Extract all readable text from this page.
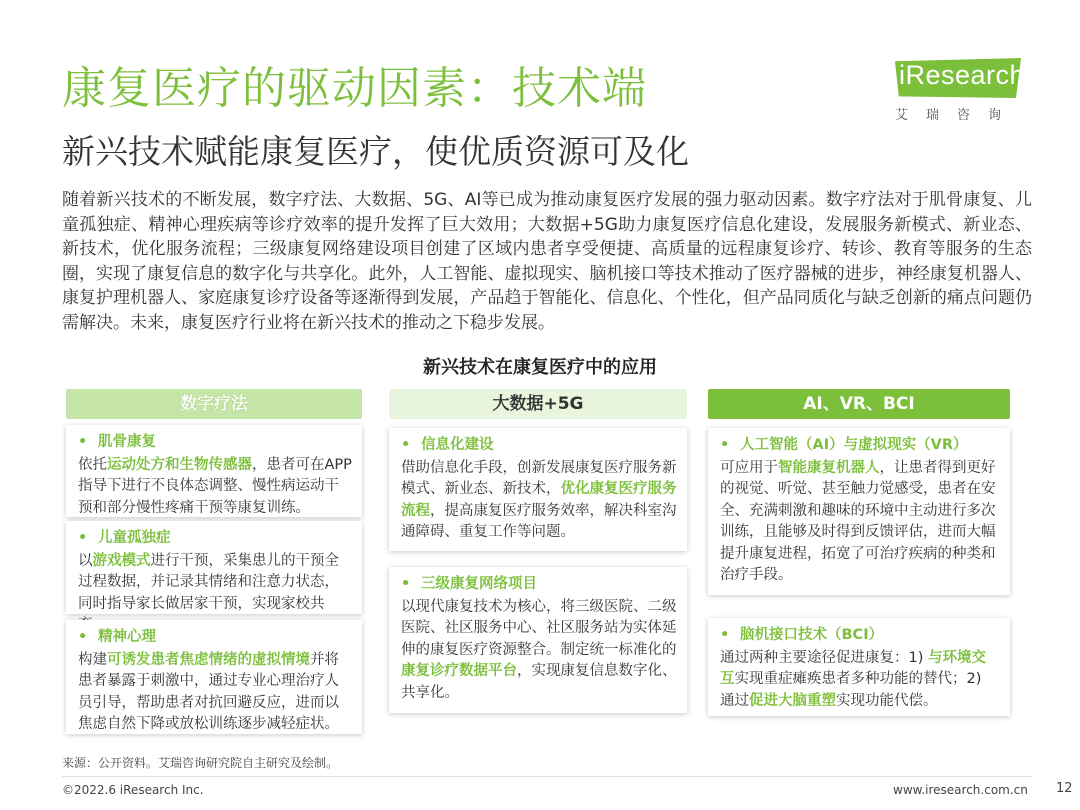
康复医疗的驱动因素：技术端
新兴技术赋能康复医疗，使优质资源可及化
iResearch
艾瑞咨询
随着新兴技术的不断发展，数字疗法、大数据、5G、AI等已成为推动康复医疗发展的强力驱动因素。数字疗法对于肌骨康复、儿童孤独症、精神心理疾病等诊疗效率的提升发挥了巨大效用；大数据+5G助力康复医疗信息化建设，发展服务新模式、新业态、新技术，优化服务流程；三级康复网络建设项目创建了区域内患者享受便捷、高质量的远程康复诊疗、转诊、教育等服务的生态圈，实现了康复信息的数字化与共享化。此外，人工智能、虚拟现实、脑机接口等技术推动了医疗器械的进步，神经康复机器人、康复护理机器人、家庭康复诊疗设备等逐渐得到发展，产品趋于智能化、信息化、个性化，但产品同质化与缺乏创新的痛点问题仍需解决。未来，康复医疗行业将在新兴技术的推动之下稳步发展。
新兴技术在康复医疗中的应用
数字疗法	大数据+5G	AI、VR、BCI
• 肌骨康复
依托运动处方和生物传感器，患者可在APP指导下进行不良体态调整、慢性病运动干预和部分慢性疼痛干预等康复训练。
• 儿童孤独症
以游戏模式进行干预，采集患儿的干预全过程数据，并记录其情绪和注意力状态，同时指导家长做居家干预，实现家校共
• 精神心理
构建可诱发患者焦虑情绪的虚拟情境并将患者暴露于刺激中，通过专业心理治疗人员引导，帮助患者对抗回避反应，进而以焦虑自然下降或放松训练逐步减轻症状。
• 信息化建设
借助信息化手段，创新发展康复医疗服务新模式、新业态、新技术，优化康复医疗服务流程，提高康复医疗服务效率，解决科室沟通障碍、重复工作等问题。
• 三级康复网络项目
以现代康复技术为核心，将三级医院、二级医院、社区服务中心、社区服务站为实体延伸的康复医疗资源整合。制定统一标准化的康复诊疗数据平台，实现康复信息数字化、共享化。
• 人工智能（AI）与虚拟现实（VR）
可应用于智能康复机器人，让患者得到更好的视觉、听觉、甚至触力觉感受，患者在安全、充满刺激和趣味的环境中主动进行多次训练，且能够及时得到反馈评估，进而大幅提升康复进程，拓宽了可治疗疾病的种类和治疗手段。
• 脑机接口技术（BCI）
通过两种主要途径促进康复：1) 与环境交互实现重症瘫痪患者多种功能的替代；2) 通过促进大脑重塑实现功能代偿。
来源：公开资料。艾瑞咨询研究院自主研究及绘制。
©2022.6 iResearch Inc.	www.iresearch.com.cn 12
